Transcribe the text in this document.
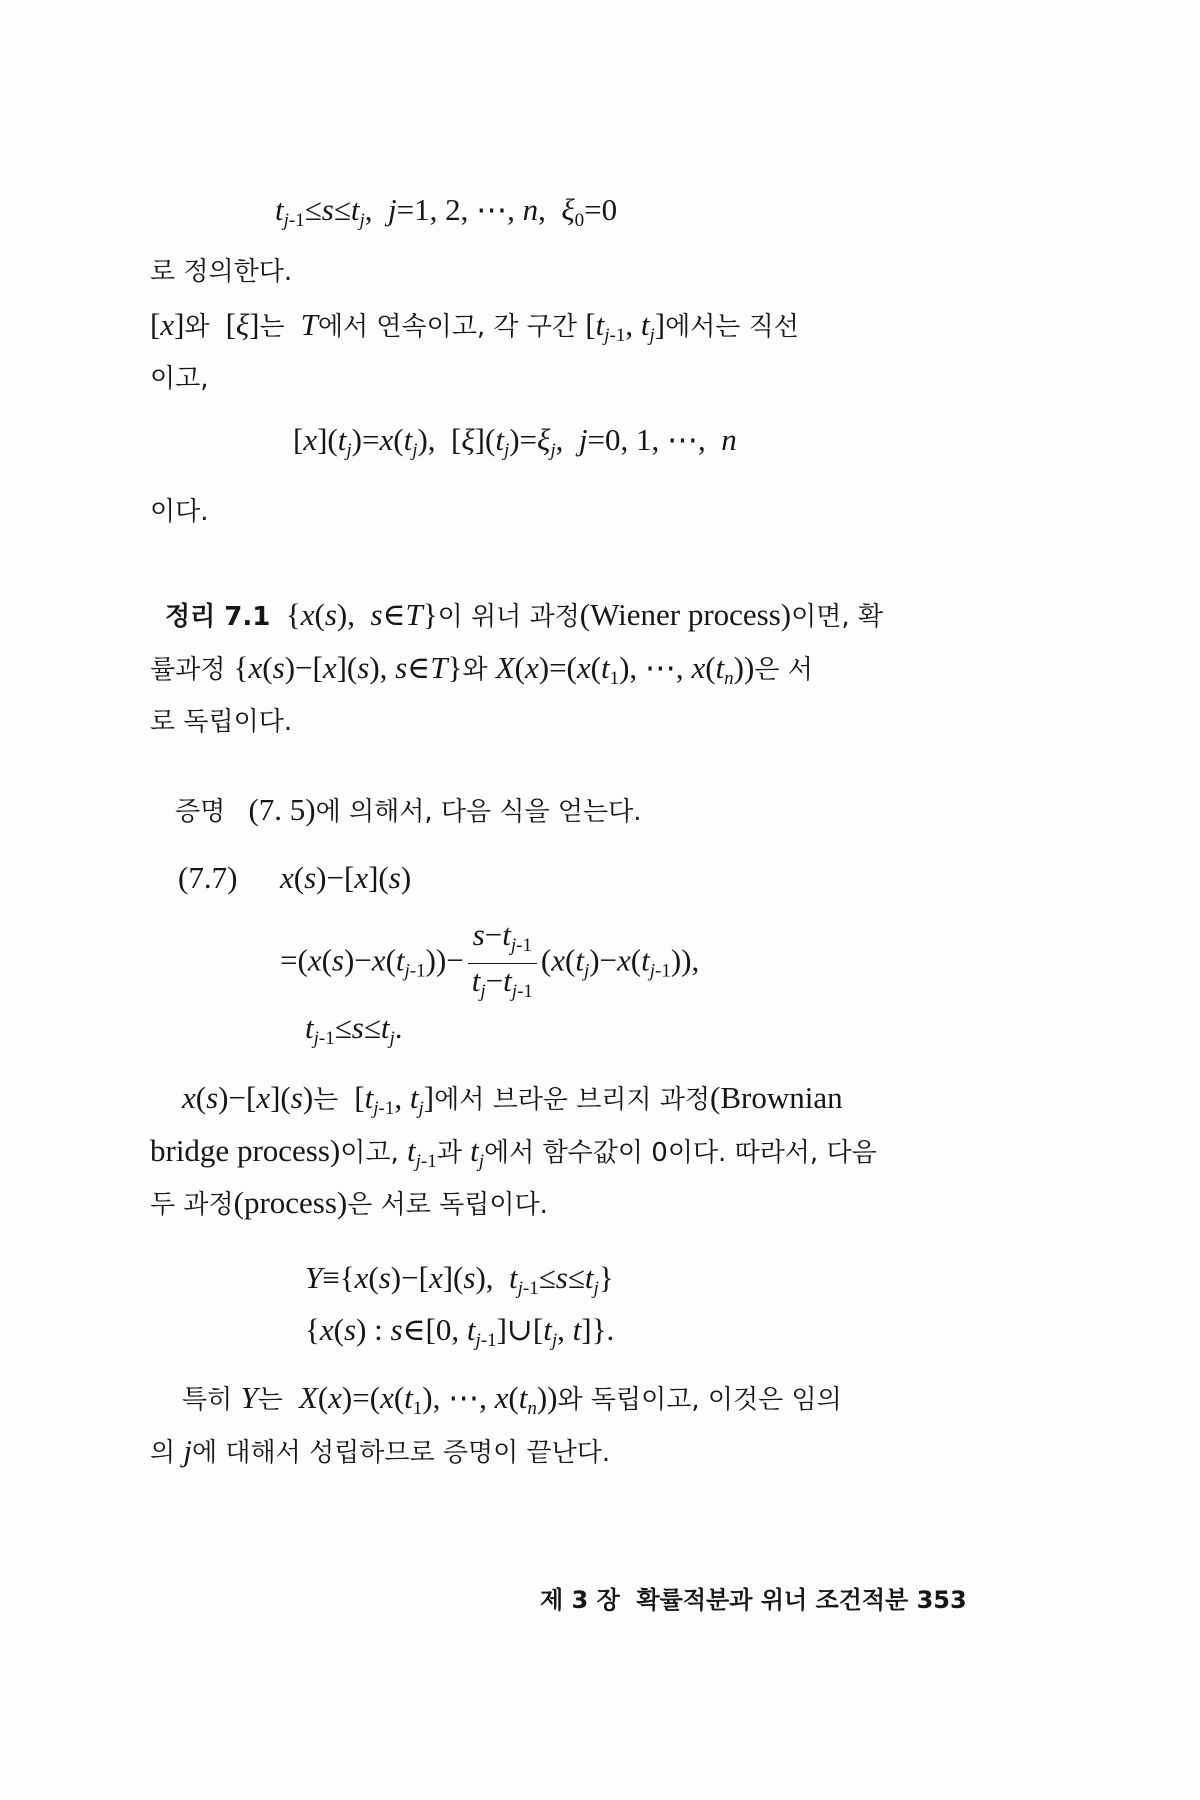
$t_j-1\le s\le t_j$,  j=1, 2, ⋯, n,  ξ0=0
로 정의한다.
[x]와  [ξ]는  T에서 연속이고, 각 구간 [$t_j-1$, $t_j$]에서는 직선
이고,
$[x](t_j)=x(t_j)$,  $[\xi](t_j)=\xi_j$,  j=0, 1, ⋯,  n
이다.
정리 7.1  {x(s),  s∈T}이 위너 과정(Wiener process)이면, 확
률과정 {x(s)−[x](s), s∈T}와 X(x)=(x(t1), ⋯, $x(t_n)$)은 서
로 독립이다.
증명 (7. 5)에 의해서, 다음 식을 얻는다.
(7.7) x(s)−[x](s)
$=(x(s)-x(t_j-1))- \frac{s-t_j-1}{t_j-t_j-1} (x(t_j)-x(t_j-1))$,
$t_j-1\le s\le t_j$.
x(s)−[x](s)는  [$t_j-1$, $t_j$]에서 브라운 브리지 과정(Brownian
bridge process)이고, $t_j-1$과 $t_j$에서 함수값이 0이다. 따라서, 다음
두 과정(process)은 서로 독립이다.
Y≡{x(s)−[x](s),  $t_j-1\le s\le t_j$}
{x(s) : s∈[0, $t_j-1]\cup[t_j$, t]}.
특히 Y는  X(x)=(x(t1), ⋯, $x(t_n)$)와 독립이고, 이것은 임의
의 j에 대해서 성립하므로 증명이 끝난다.
제 3 장 확률적분과 위너 조건적분 353
